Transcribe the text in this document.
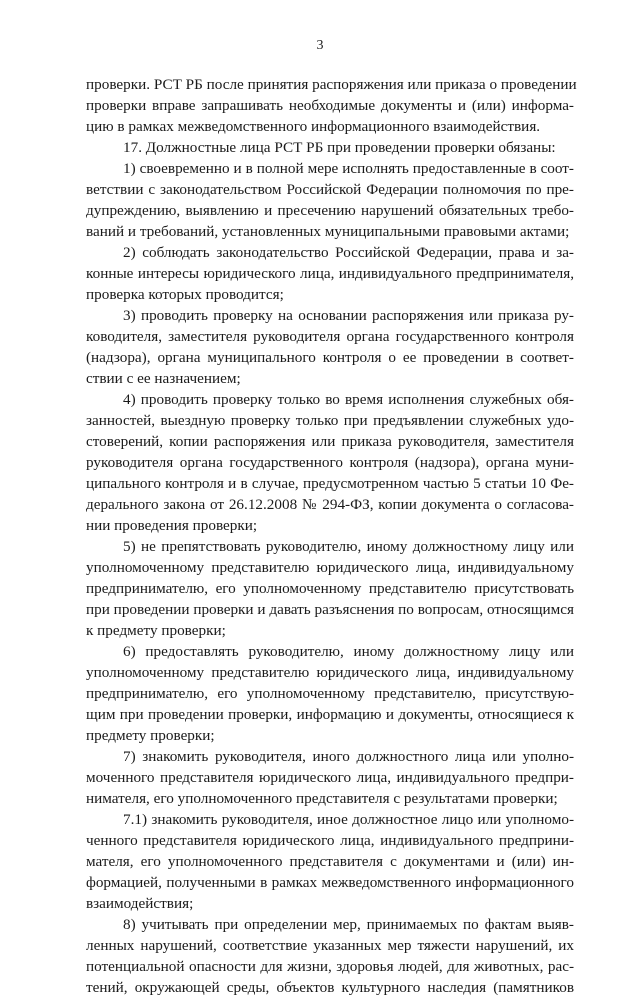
3
проверки. РСТ РБ после принятия распоряжения или приказа о проведении
проверки вправе запрашивать необходимые документы и (или) информа-
цию в рамках межведомственного информационного взаимодействия.
17. Должностные лица РСТ РБ при проведении проверки обязаны:
1) своевременно и в полной мере исполнять предоставленные в соот-
ветствии с законодательством Российской Федерации полномочия по пре-
дупреждению, выявлению и пресечению нарушений обязательных требо-
ваний и требований, установленных муниципальными правовыми актами;
2) соблюдать законодательство Российской Федерации, права и за-
конные интересы юридического лица, индивидуального предпринимателя,
проверка которых проводится;
3) проводить проверку на основании распоряжения или приказа ру-
ководителя, заместителя руководителя органа государственного контроля
(надзора), органа муниципального контроля о ее проведении в соответ-
ствии с ее назначением;
4) проводить проверку только во время исполнения служебных обя-
занностей, выездную проверку только при предъявлении служебных удо-
стоверений, копии распоряжения или приказа руководителя, заместителя
руководителя органа государственного контроля (надзора), органа муни-
ципального контроля и в случае, предусмотренном частью 5 статьи 10 Фе-
дерального закона от 26.12.2008 № 294-ФЗ, копии документа о согласова-
нии проведения проверки;
5) не препятствовать руководителю, иному должностному лицу или
уполномоченному представителю юридического лица, индивидуальному
предпринимателю, его уполномоченному представителю присутствовать
при проведении проверки и давать разъяснения по вопросам, относящимся
к предмету проверки;
6) предоставлять руководителю, иному должностному лицу или
уполномоченному представителю юридического лица, индивидуальному
предпринимателю, его уполномоченному представителю, присутствую-
щим при проведении проверки, информацию и документы, относящиеся к
предмету проверки;
7) знакомить руководителя, иного должностного лица или уполно-
моченного представителя юридического лица, индивидуального предпри-
нимателя, его уполномоченного представителя с результатами проверки;
7.1) знакомить руководителя, иное должностное лицо или уполномо-
ченного представителя юридического лица, индивидуального предприни-
мателя, его уполномоченного представителя с документами и (или) ин-
формацией, полученными в рамках межведомственного информационного
взаимодействия;
8) учитывать при определении мер, принимаемых по фактам выяв-
ленных нарушений, соответствие указанных мер тяжести нарушений, их
потенциальной опасности для жизни, здоровья людей, для животных, рас-
тений, окружающей среды, объектов культурного наследия (памятников
